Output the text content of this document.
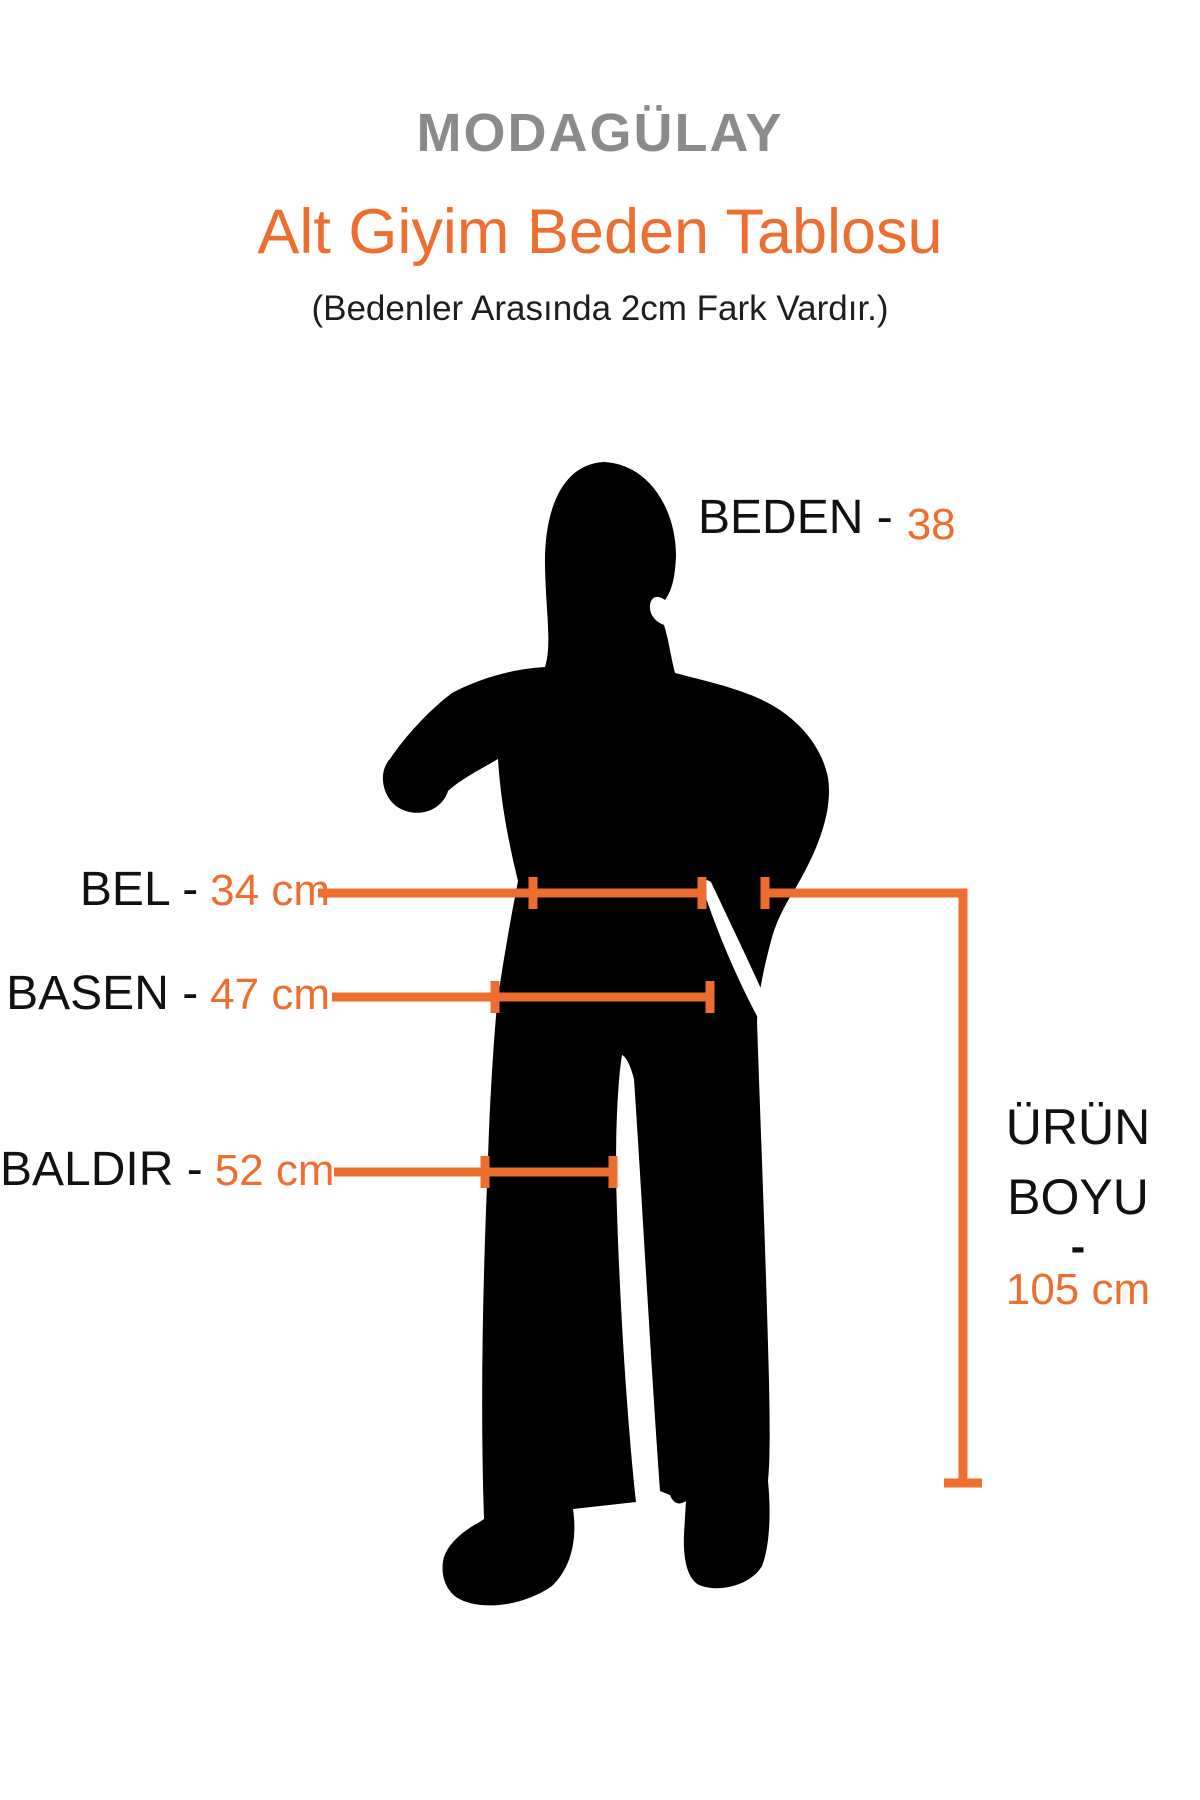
MODAGÜLAY
Alt Giyim Beden Tablosu
(Bedenler Arasında 2cm Fark Vardır.)
BEDEN - 38
BEL - 34 cm
BASEN - 47 cm
BALDIR - 52 cm
ÜRÜN
BOYU
-
105 cm
